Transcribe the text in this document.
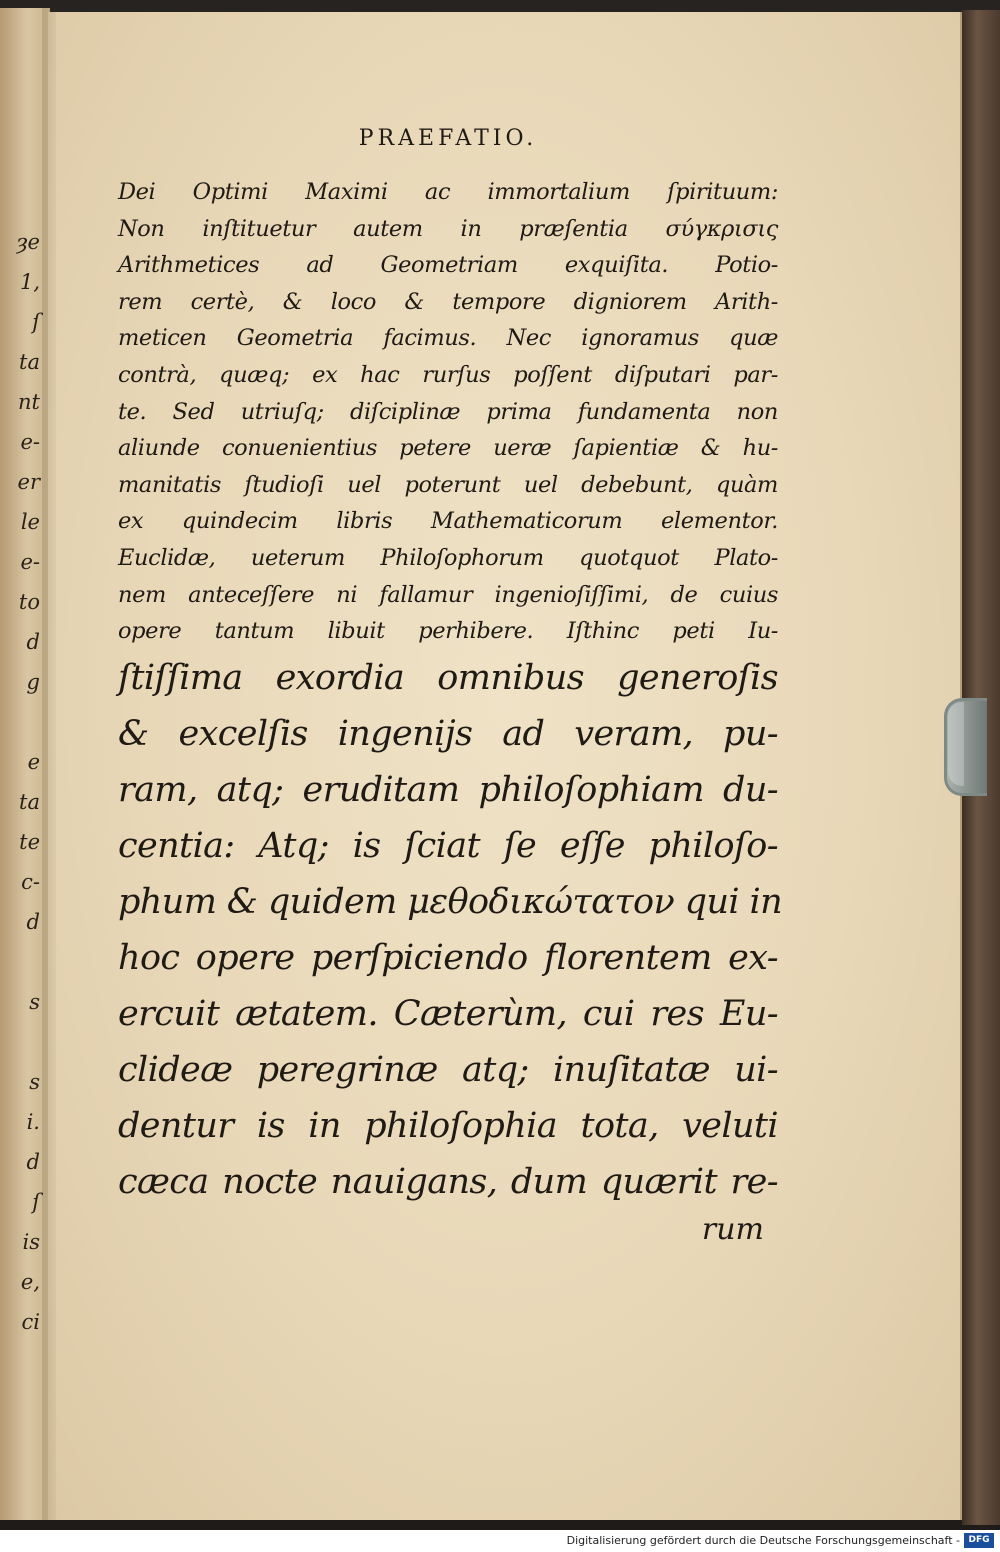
ȝe
1,
ſ
ta
nt
e-
er
le
e-
to
d
g
e
ta
te
c-
d
s
s
i.
d
ſ
is
e,
ci
PRAEFATIO.
Dei Optimi Maximi ac immortalium ſpirituum:
Non inſtituetur autem in præſentia σύγκρισις
Arithmetices ad Geometriam exquiſita. Potio-
rem certè, & loco & tempore digniorem Arith-
meticen Geometria facimus. Nec ignoramus quæ
contrà, quæq; ex hac rurſus poſſent diſputari par-
te. Sed utriuſq; diſciplinæ prima fundamenta non
aliunde conuenientius petere ueræ ſapientiæ & hu-
manitatis ſtudioſi uel poterunt uel debebunt, quàm
ex quindecim libris Mathematicorum elementor.
Euclidæ, ueterum Philoſophorum quotquot Plato-
nem anteceſſere ni fallamur ingenioſiſſimi, de cuius
opere tantum libuit perhibere. Iſthinc peti Iu-
ſtiſſima exordia omnibus generoſis
& excelſis ingenijs ad veram, pu-
ram, atq; eruditam philoſophiam du-
centia: Atq; is ſciat ſe eſſe philoſo-
phum & quidem μεθοδικώτατον qui in
hoc opere perſpiciendo florentem ex-
ercuit ætatem. Cæterùm, cui res Eu-
clideæ peregrinæ atq; inuſitatæ ui-
dentur is in philoſophia tota, veluti
cæca nocte nauigans, dum quærit re-
rum
Digitalisierung gefördert durch die Deutsche Forschungsgemeinschaft - DFG
